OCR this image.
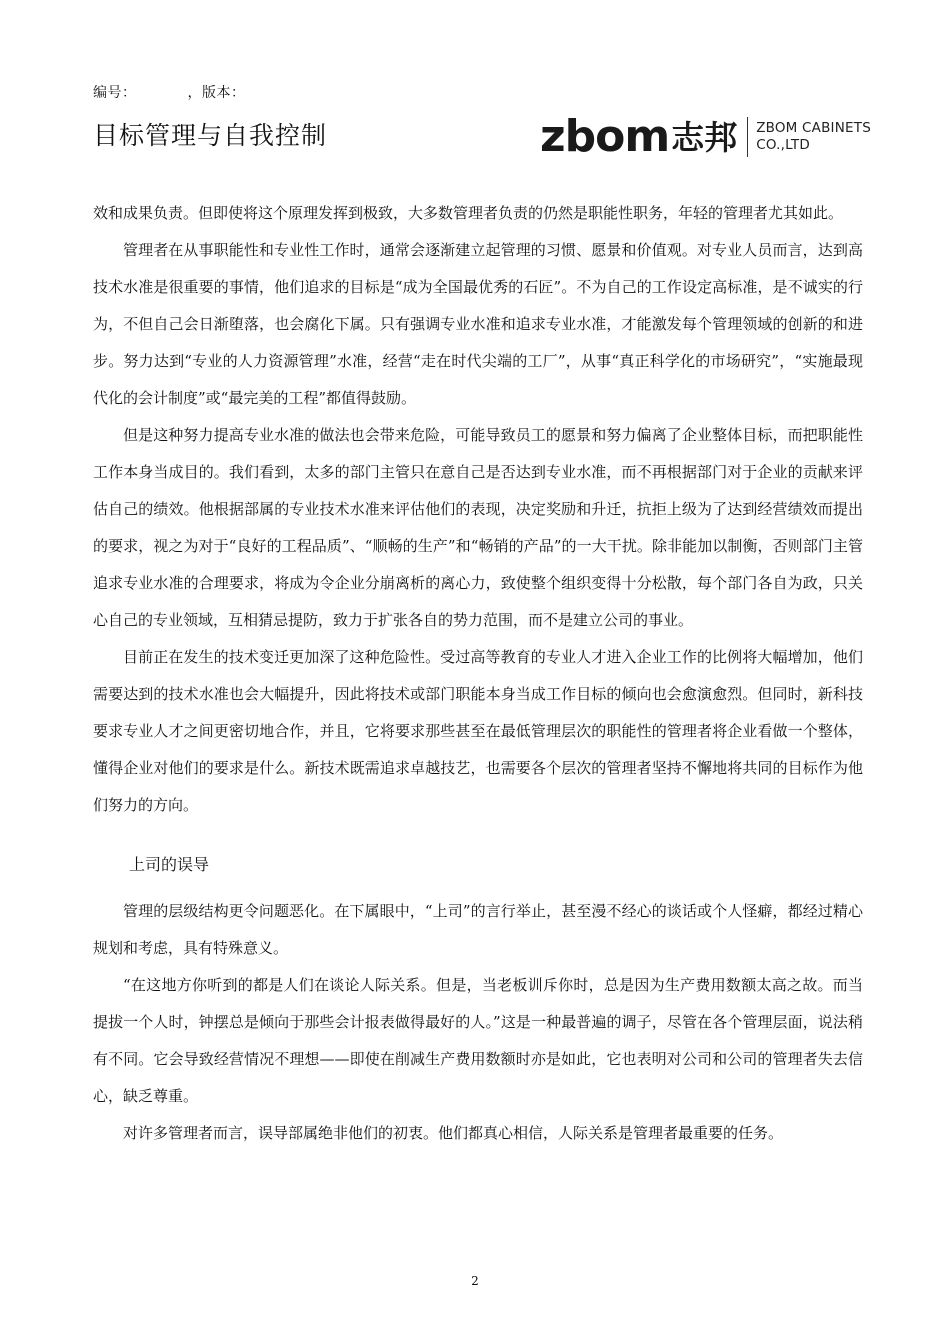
编号：　　　　，版本：
目标管理与自我控制	zbom 志邦 ZBOM CABINETS
CO.,LTD

效和成果负责。但即使将这个原理发挥到极致，大多数管理者负责的仍然是职能性职务，年轻的管理者尤其如此。

管理者在从事职能性和专业性工作时，通常会逐渐建立起管理的习惯、愿景和价值观。对专业人员而言，达到高技术水准是很重要的事情，他们追求的目标是“成为全国最优秀的石匠”。不为自己的工作设定高标准，是不诚实的行为，不但自己会日渐堕落，也会腐化下属。只有强调专业水准和追求专业水准，才能激发每个管理领域的创新的和进步。努力达到“专业的人力资源管理”水准，经营“走在时代尖端的工厂”，从事“真正科学化的市场研究”，“实施最现代化的会计制度”或“最完美的工程”都值得鼓励。

但是这种努力提高专业水准的做法也会带来危险，可能导致员工的愿景和努力偏离了企业整体目标，而把职能性工作本身当成目的。我们看到，太多的部门主管只在意自己是否达到专业水准，而不再根据部门对于企业的贡献来评估自己的绩效。他根据部属的专业技术水准来评估他们的表现，决定奖励和升迁，抗拒上级为了达到经营绩效而提出的要求，视之为对于“良好的工程品质”、“顺畅的生产”和“畅销的产品”的一大干扰。除非能加以制衡，否则部门主管追求专业水准的合理要求，将成为令企业分崩离析的离心力，致使整个组织变得十分松散，每个部门各自为政，只关心自己的专业领域，互相猜忌提防，致力于扩张各自的势力范围，而不是建立公司的事业。

目前正在发生的技术变迁更加深了这种危险性。受过高等教育的专业人才进入企业工作的比例将大幅增加，他们需要达到的技术水准也会大幅提升，因此将技术或部门职能本身当成工作目标的倾向也会愈演愈烈。但同时，新科技要求专业人才之间更密切地合作，并且，它将要求那些甚至在最低管理层次的职能性的管理者将企业看做一个整体，懂得企业对他们的要求是什么。新技术既需追求卓越技艺，也需要各个层次的管理者坚持不懈地将共同的目标作为他们努力的方向。

上司的误导

管理的层级结构更令问题恶化。在下属眼中，“上司”的言行举止，甚至漫不经心的谈话或个人怪癖，都经过精心规划和考虑，具有特殊意义。

“在这地方你听到的都是人们在谈论人际关系。但是，当老板训斥你时，总是因为生产费用数额太高之故。而当提拔一个人时，钟摆总是倾向于那些会计报表做得最好的人。”这是一种最普遍的调子，尽管在各个管理层面，说法稍有不同。它会导致经营情况不理想——即使在削减生产费用数额时亦是如此，它也表明对公司和公司的管理者失去信心，缺乏尊重。

对许多管理者而言，误导部属绝非他们的初衷。他们都真心相信，人际关系是管理者最重要的任务。

2
